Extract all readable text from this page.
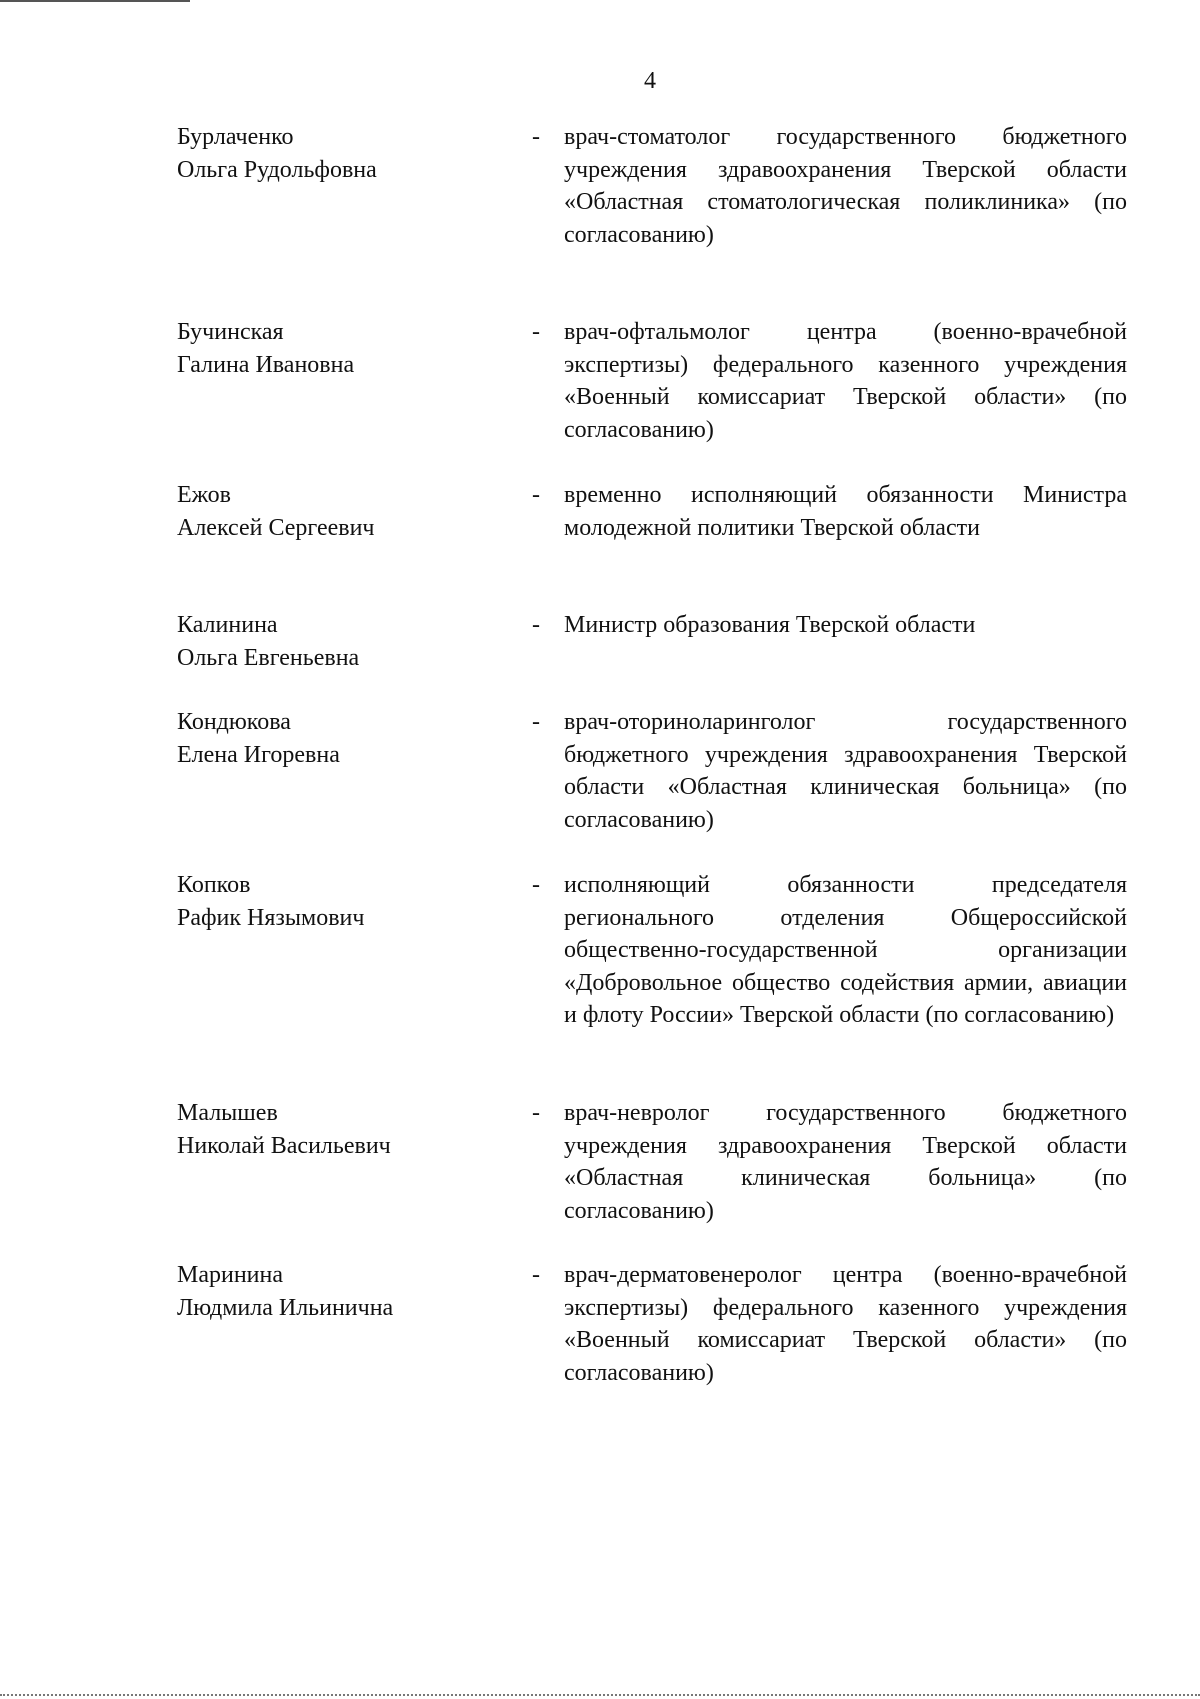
4
Бурлаченко
Ольга Рудольфовна
- врач-стоматолог государственного бюджетного учреждения здравоохранения Тверской области «Областная стоматологическая поликлиника» (по согласованию)
Бучинская
Галина Ивановна
- врач-офтальмолог центра (военно-врачебной экспертизы) федерального казенного учреждения «Военный комиссариат Тверской области» (по согласованию)
Ежов
Алексей Сергеевич
- временно исполняющий обязанности Министра молодежной политики Тверской области
Калинина
Ольга Евгеньевна
- Министр образования Тверской области
Кондюкова
Елена Игоревна
- врач-оториноларинголог государственного бюджетного учреждения здравоохранения Тверской области «Областная клиническая больница» (по согласованию)
Копков
Рафик Нязымович
- исполняющий обязанности председателя регионального отделения Общероссийской общественно-государственной организации «Добровольное общество содействия армии, авиации и флоту России» Тверской области (по согласованию)
Малышев
Николай Васильевич
- врач-невролог государственного бюджетного учреждения здравоохранения Тверской области «Областная клиническая больница» (по согласованию)
Маринина
Людмила Ильинична
- врач-дерматовенеролог центра (военно-врачебной экспертизы) федерального казенного учреждения «Военный комиссариат Тверской области» (по согласованию)
